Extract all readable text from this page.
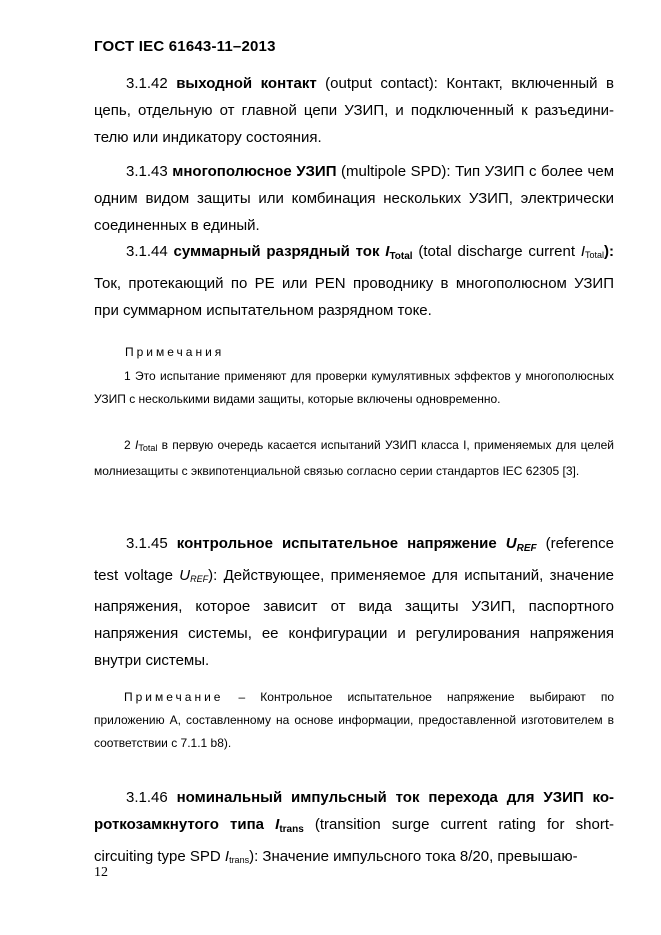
ГОСТ IEC 61643-11–2013
3.1.42 выходной контакт (output contact): Контакт, включенный в цепь, отдельную от главной цепи УЗИП, и подключенный к разъединителю или индикатору состояния.
3.1.43 многополюсное УЗИП (multipole SPD): Тип УЗИП с более чем одним видом защиты или комбинация нескольких УЗИП, электрически соединенных в единый.
3.1.44 суммарный разрядный ток $I_{Total}$ (total discharge current $I_{Total}$): Ток, протекающий по PE или PEN проводнику в многополюсном УЗИП при суммарном испытательном разрядном токе.
Примечания
1 Это испытание применяют для проверки кумулятивных эффектов у многополюсных УЗИП с несколькими видами защиты, которые включены одновременно.
2 $I_{Total}$ в первую очередь касается испытаний УЗИП класса I, применяемых для целей молниезащиты с эквипотенциальной связью согласно серии стандартов IEC 62305 [3].
3.1.45 контрольное испытательное напряжение $U_{REF}$ (reference test voltage $U_{REF}$): Действующее, применяемое для испытаний, значение напряжения, которое зависит от вида защиты УЗИП, паспортного напряжения системы, ее конфигурации и регулирования напряжения внутри системы.
Примечание – Контрольное испытательное напряжение выбирают по приложению А, составленному на основе информации, предоставленной изготовителем в соответствии с 7.1.1 b8).
3.1.46 номинальный импульсный ток перехода для УЗИП короткозамкнутого типа $I_{trans}$ (transition surge current rating for short-circuiting type SPD $I_{trans}$): Значение импульсного тока 8/20, превышаю-
12
